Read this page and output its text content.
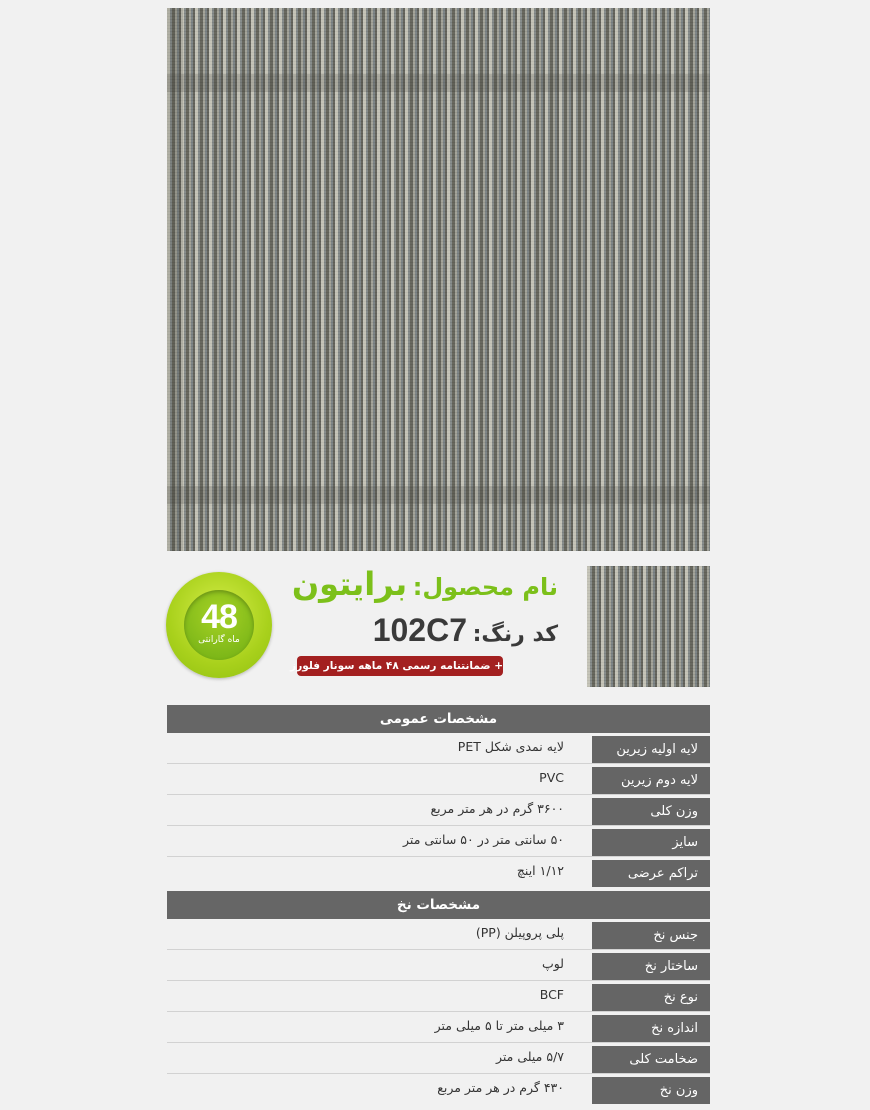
48
ماه گارانتی
نام محصول: برایتون
کد رنگ: 102C7
+ ضمانتنامه رسمی ۴۸ ماهه سونار فلورز
مشخصات عمومی
لایه اولیه زیرین
لایه نمدی شکل PET
لایه دوم زیرین
PVC
وزن کلی
۳۶۰۰ گرم در هر متر مربع
سایز
۵۰ سانتی متر در ۵۰ سانتی متر
تراکم عرضی
۱/۱۲ اینچ
مشخصات نخ
جنس نخ
پلی پروپیلن (PP)
ساختار نخ
لوپ
نوع نخ
BCF
اندازه نخ
۳ میلی متر تا ۵ میلی متر
ضخامت کلی
۵/۷ میلی متر
وزن نخ
۴۳۰ گرم در هر متر مربع
